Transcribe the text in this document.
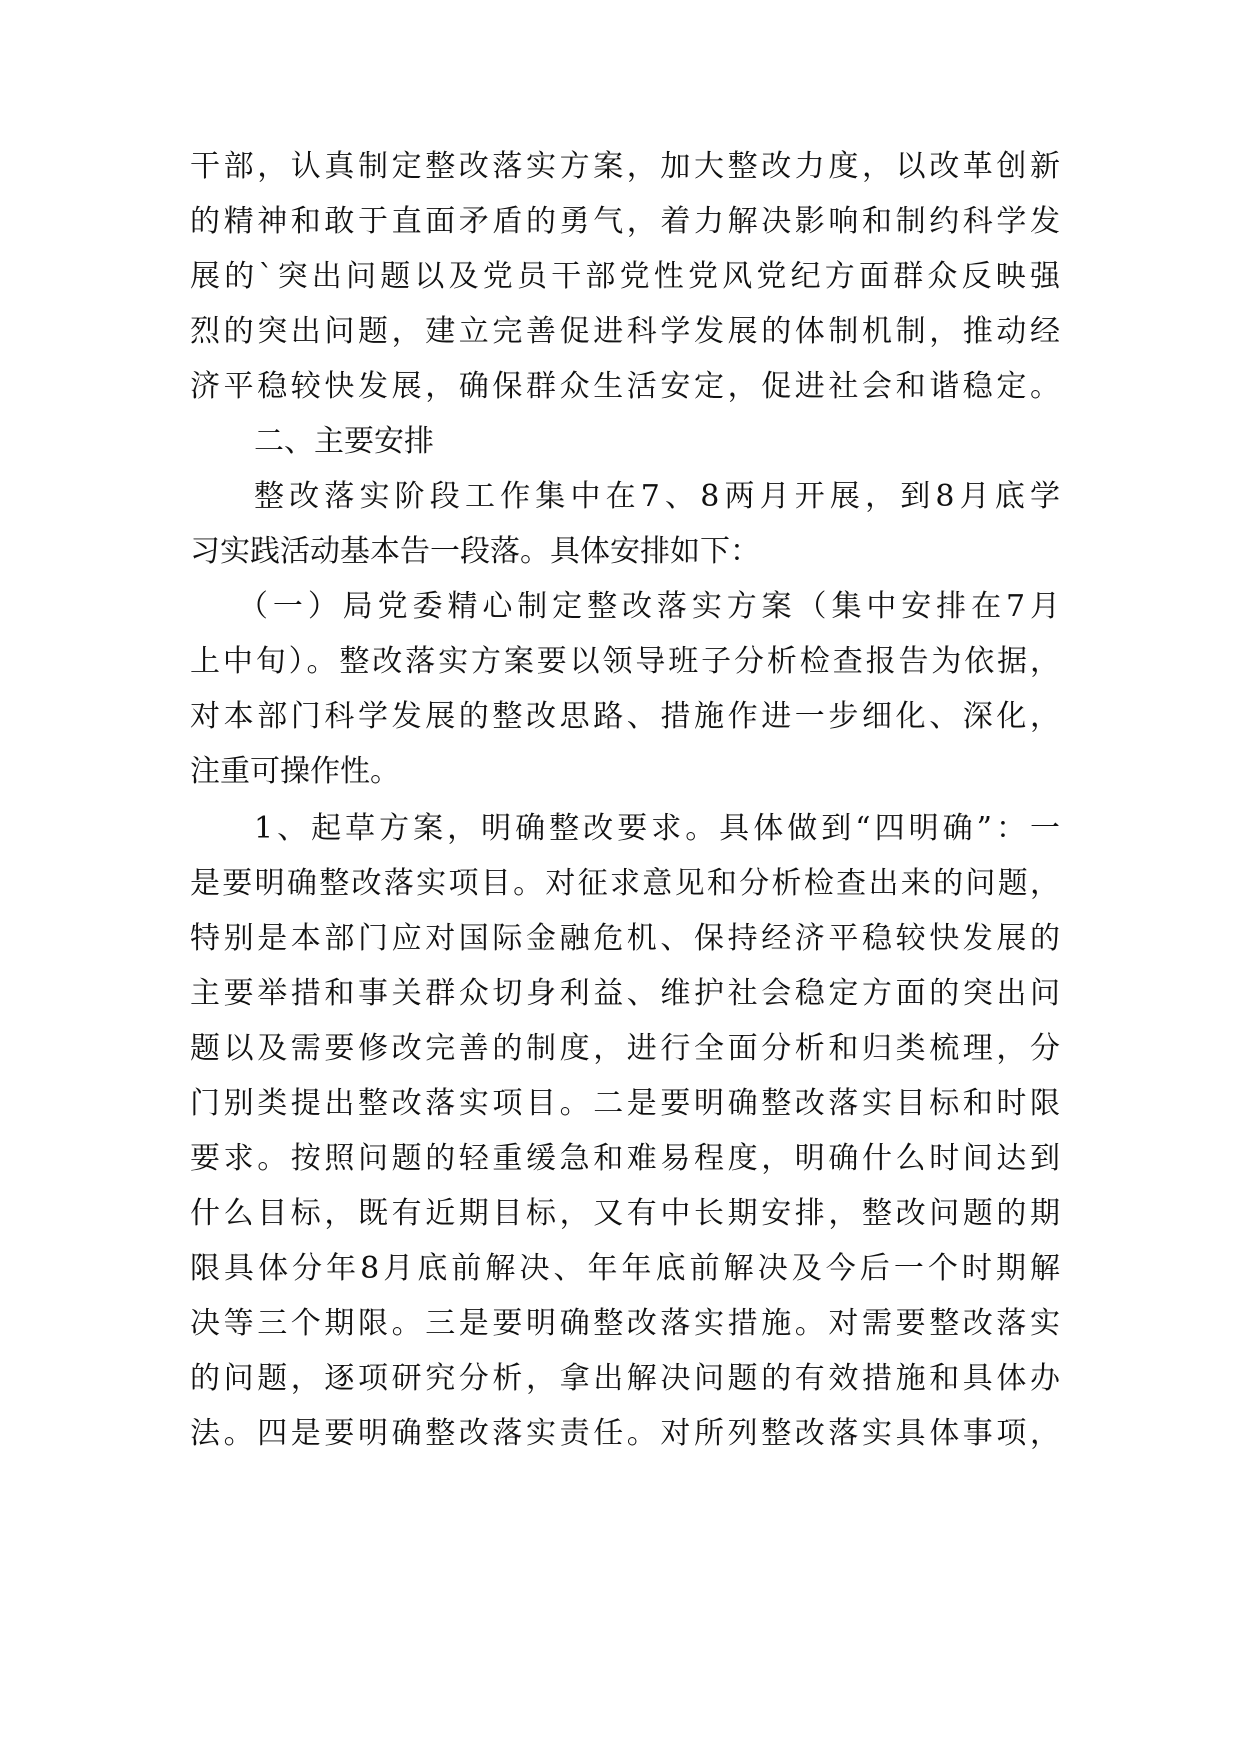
干部，认真制定整改落实方案，加大整改力度，以改革创新
的精神和敢于直面矛盾的勇气，着力解决影响和制约科学发
展的`突出问题以及党员干部党性党风党纪方面群众反映强
烈的突出问题，建立完善促进科学发展的体制机制，推动经
济平稳较快发展，确保群众生活安定，促进社会和谐稳定。
二、主要安排
整改落实阶段工作集中在7、8两月开展，到8月底学
习实践活动基本告一段落。具体安排如下：
（一）局党委精心制定整改落实方案（集中安排在7月
上中旬）。整改落实方案要以领导班子分析检查报告为依据，
对本部门科学发展的整改思路、措施作进一步细化、深化，
注重可操作性。
1、起草方案，明确整改要求。具体做到“四明确”：一
是要明确整改落实项目。对征求意见和分析检查出来的问题，
特别是本部门应对国际金融危机、保持经济平稳较快发展的
主要举措和事关群众切身利益、维护社会稳定方面的突出问
题以及需要修改完善的制度，进行全面分析和归类梳理，分
门别类提出整改落实项目。二是要明确整改落实目标和时限
要求。按照问题的轻重缓急和难易程度，明确什么时间达到
什么目标，既有近期目标，又有中长期安排，整改问题的期
限具体分年8月底前解决、年年底前解决及今后一个时期解
决等三个期限。三是要明确整改落实措施。对需要整改落实
的问题，逐项研究分析，拿出解决问题的有效措施和具体办
法。四是要明确整改落实责任。对所列整改落实具体事项，
